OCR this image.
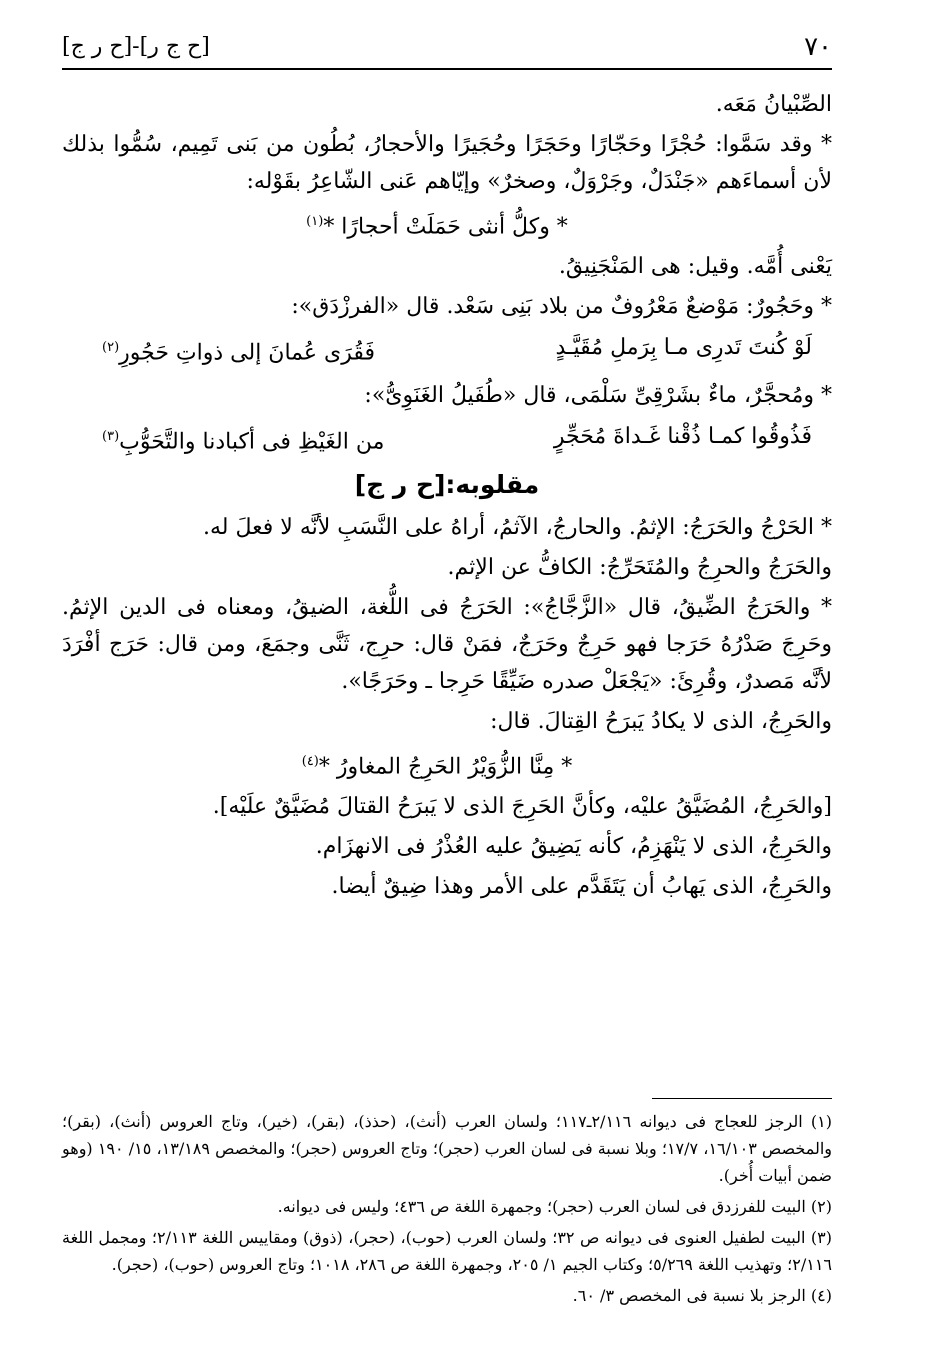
٧٠
[ح ج ر]-[ح ر ج]

الصِّبْيانُ مَعَه.

* وقد سَمَّوا: حُجْرًا وحَجّارًا وحَجَرًا وحُجَيرًا والأحجارُ، بُطُون من بَنى تَمِيم، سُمُّوا بذلك لأن أسماءَهم «جَنْدَلٌ، وجَرْوَلٌ، وصخرٌ» وإيّاهم عَنى الشّاعِرُ بقَوْله:

* وكلُّ أنثى حَمَلَتْ أحجارًا *$^{(١)}$

يَعْنى أُمَّه. وقيل: هى المَنْجَنِيقُ.

* وحَجُورٌ: مَوْضعٌ مَعْرُوفٌ من بلاد بَنِى سَعْد. قال «الفرزْدَق»:

لَوْ كُنتَ تَدرِى مـا بِرَملِ مُقَيَّـدٍ
فَقُرَى عُمانَ إلى ذواتِ حَجُورِ$^{(٢)}$

* ومُحجَّرٌ، ماءٌ بشَرْقِىِّ سَلْمَى، قال «طُفَيلُ الغَنَوِىُّ»:

فَذُوقُوا كمـا ذُقْنا غَـداةَ مُحَجِّرٍ
من الغَيْظِ فى أكبادنا والتَّحَوُّبِ$^{(٣)}$
مقلوبه:[ح ر ج]

* الحَرْجُ والحَرَجُ: الإثمُ. والحارجُ، الآثمُ، أراهُ على النَّسَبِ لأنَّه لا فعلَ له.

والحَرَجُ والحرِجُ والمُتَحَرِّجُ: الكافُّ عن الإثم.

* والحَرَجُ الضِّيقُ، قال «الزَّجَّاجُ»: الحَرَجُ فى اللُّغة، الضيقُ، ومعناه فى الدين الإثمُ. وحَرِجَ صَدْرُهُ حَرَجا فهو حَرِجٌ وحَرَجٌ، فمَنْ قال: حرِج، ثَنَّى وجمَعَ، ومن قال: حَرَج أفْرَدَ لأنَّه مَصدرٌ، وقُرِئَ: «يَجْعَلْ صدره ضَيِّقًا حَرِجا ـ وحَرَجًا».

والحَرِجُ، الذى لا يكادُ يَبرَحُ القِتالَ. قال:

* مِنَّا الزُّوَيْرُ الحَرِجُ المغاورُ *$^{(٤)}$

[والحَرِجُ، المُضَيَّقُ عليْه، وكأنَّ الحَرِجَ الذى لا يَبرَحُ القتالَ مُضَيَّقٌ علَيْه].

والحَرِجُ، الذى لا يَنْهَزِمُ، كأنه يَضِيقُ عليه العُذْرُ فى الانهزَام.

والحَرِجُ، الذى يَهابُ أن يَتَقَدَّم على الأمر وهذا ضِيقٌ أيضا.

(١) الرجز للعجاج فى ديوانه ٢/١١٦ـ١١٧؛ ولسان العرب (أنث)، (حذذ)، (بقر)، (خير)، وتاج العروس (أنث)، (بقر)؛ والمخصص ١٦/١٠٣، ١٧/٧؛ وبلا نسبة فى لسان العرب (حجر)؛ وتاج العروس (حجر)؛ والمخصص ١٣/١٨٩، ١٥/ ١٩٠ (وهو ضمن أبيات أُخر).

(٢) البيت للفرزدق فى لسان العرب (حجر)؛ وجمهرة اللغة ص ٤٣٦؛ وليس فى ديوانه.

(٣) البيت لطفيل العنوى فى ديوانه ص ٣٢؛ ولسان العرب (حوب)، (حجر)، (ذوق) ومقاييس اللغة ٢/١١٣؛ ومجمل اللغة ٢/١١٦؛ وتهذيب اللغة ٥/٢٦٩؛ وكتاب الجيم ١/ ٢٠٥، وجمهرة اللغة ص ٢٨٦، ١٠١٨؛ وتاج العروس (حوب)، (حجر).

(٤) الرجز بلا نسبة فى المخصص ٣/ ٦٠.
